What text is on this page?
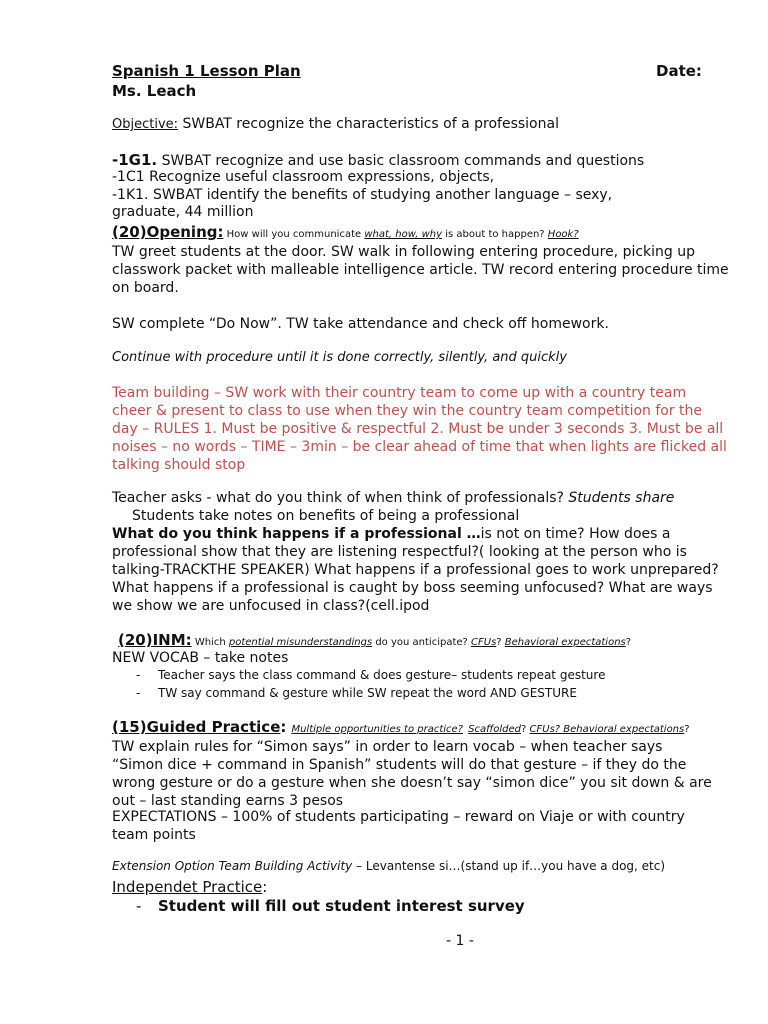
Spanish 1 Lesson Plan	Date:
Ms. Leach
Objective: SWBAT recognize the characteristics of a professional
-1G1. SWBAT recognize and use basic classroom commands and questions
-1C1 Recognize useful classroom expressions, objects,
-1K1. SWBAT identify the benefits of studying another language – sexy,
graduate, 44 million
(20)Opening: How will you communicate what, how, why is about to happen? Hook?
TW greet students at the door. SW walk in following entering procedure, picking up classwork packet with malleable intelligence article. TW record entering procedure time on board.
SW complete “Do Now”. TW take attendance and check off homework.
Continue with procedure until it is done correctly, silently, and quickly
Team building – SW work with their country team to come up with a country team cheer & present to class to use when they win the country team competition for the day – RULES 1. Must be positive & respectful 2. Must be under 3 seconds 3. Must be all noises – no words – TIME – 3min – be clear ahead of time that when lights are flicked all talking should stop
Teacher asks - what do you think of when think of professionals? Students share
Students take notes on benefits of being a professional
What do you think happens if a professional …is not on time? How does a professional show that they are listening respectful?( looking at the person who is talking-TRACKTHE SPEAKER) What happens if a professional goes to work unprepared? What happens if a professional is caught by boss seeming unfocused? What are ways we show we are unfocused in class?(cell.ipod
(20)INM: Which potential misunderstandings do you anticipate? CFUs? Behavioral expectations?
NEW VOCAB – take notes
- Teacher says the class command & does gesture– students repeat gesture
- TW say command & gesture while SW repeat the word AND GESTURE
(15)Guided Practice: Multiple opportunities to practice? Scaffolded? CFUs? Behavioral expectations?
TW explain rules for “Simon says” in order to learn vocab – when teacher says “Simon dice + command in Spanish” students will do that gesture – if they do the wrong gesture or do a gesture when she doesn’t say “simon dice” you sit down & are out – last standing earns 3 pesos
EXPECTATIONS – 100% of students participating – reward on Viaje or with country team points
Extension Option Team Building Activity – Levantense si…(stand up if…you have a dog, etc)
Independet Practice:
- Student will fill out student interest survey
- 1 -
